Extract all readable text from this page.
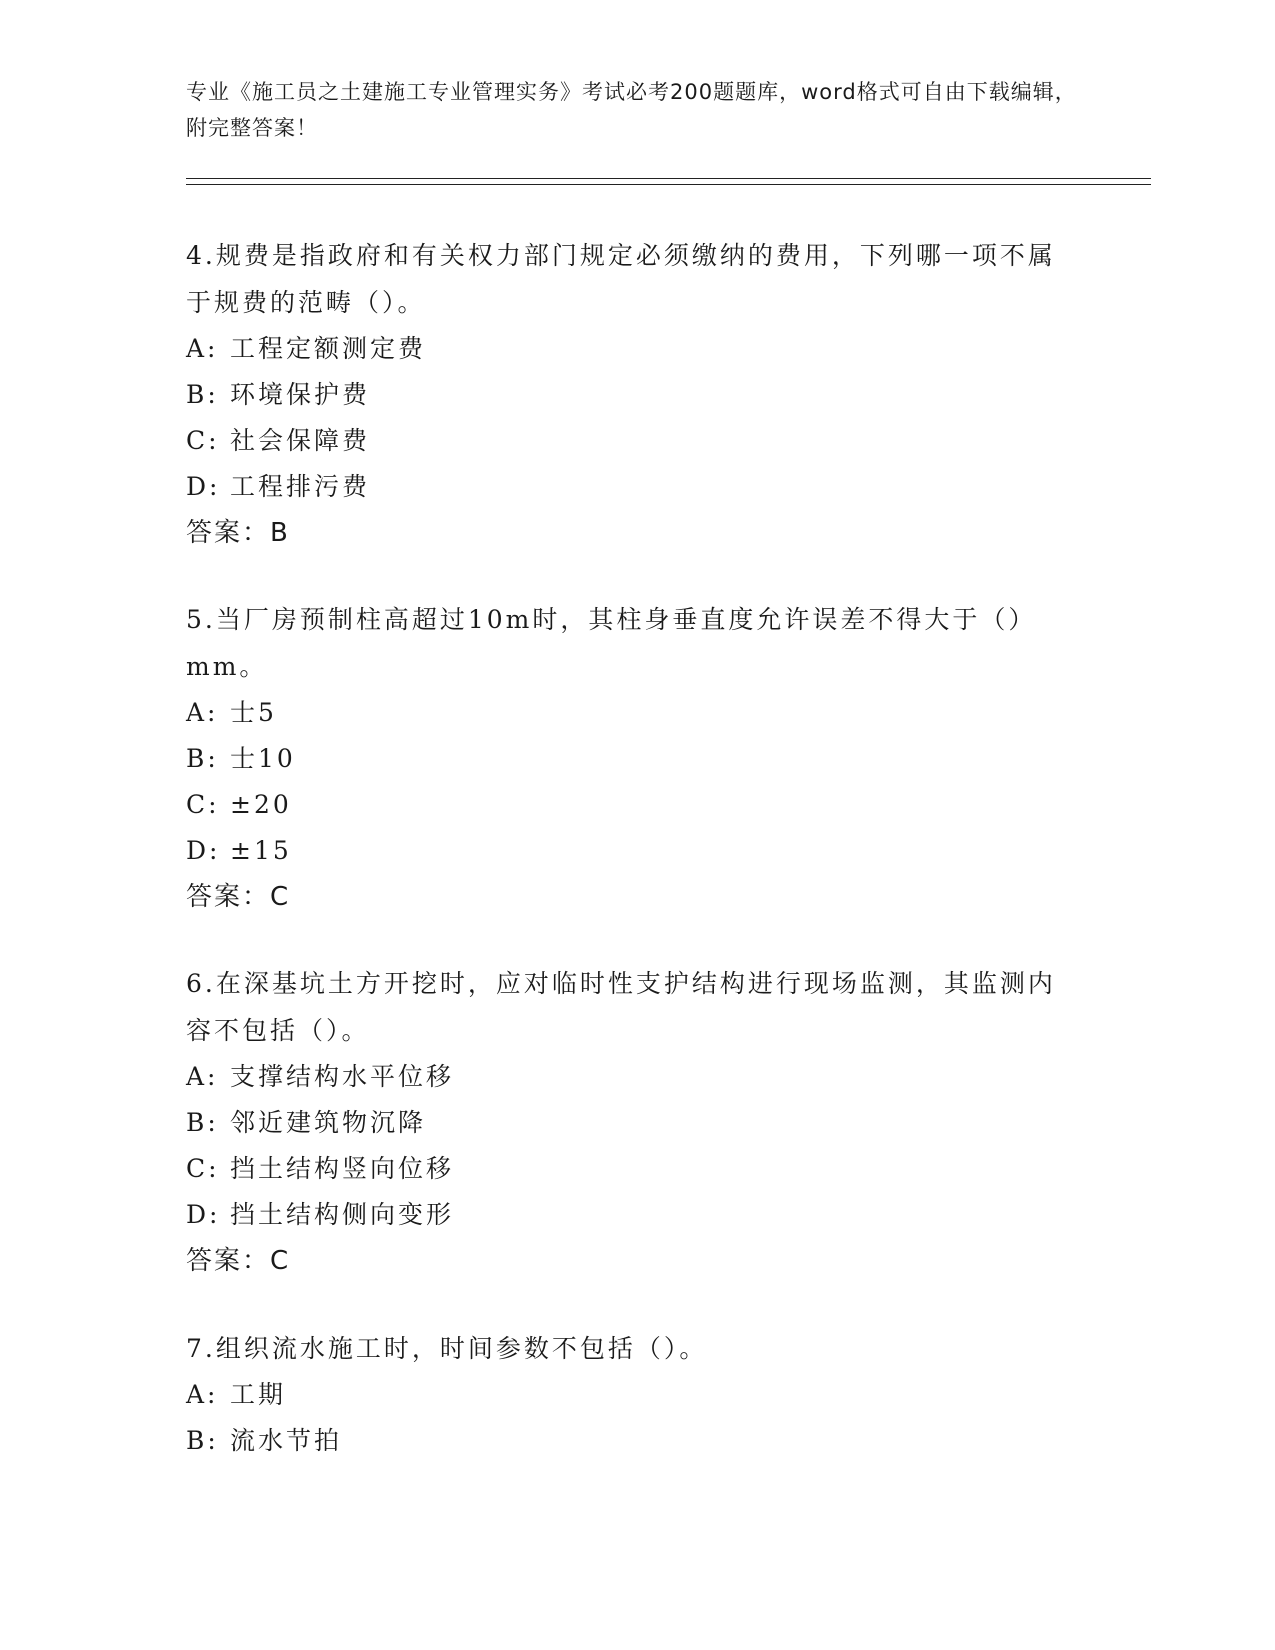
专业《施工员之土建施工专业管理实务》考试必考200题题库，word格式可自由下载编辑，附完整答案！
4.规费是指政府和有关权力部门规定必须缴纳的费用，下列哪一项不属于规费的范畴（）。
A: 工程定额测定费
B: 环境保护费
C: 社会保障费
D: 工程排污费
答案：B
5.当厂房预制柱高超过10m时，其柱身垂直度允许误差不得大于（）mm。
A: 士5
B: 士10
C: ±20
D: ±15
答案：C
6.在深基坑土方开挖时，应对临时性支护结构进行现场监测，其监测内容不包括（）。
A: 支撑结构水平位移
B: 邻近建筑物沉降
C: 挡土结构竖向位移
D: 挡土结构侧向变形
答案：C
7.组织流水施工时，时间参数不包括（）。
A: 工期
B: 流水节拍
